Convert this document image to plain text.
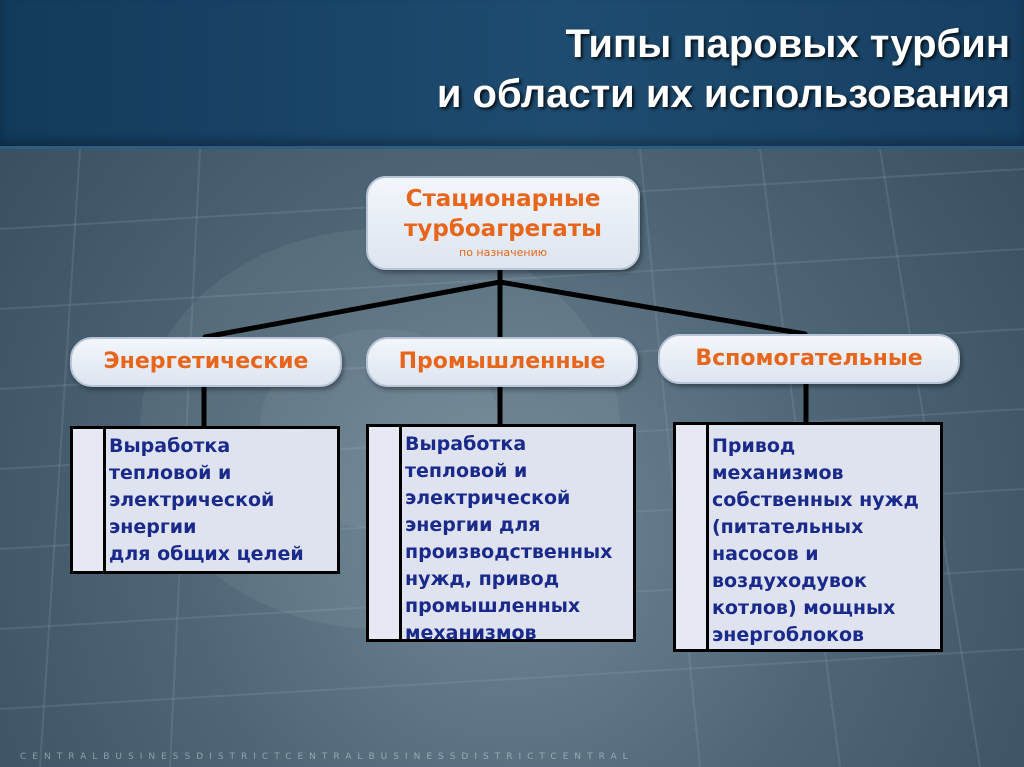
Типы паровых турбин
и области их использования
Стационарные
турбоагрегаты
по назначению
Энергетические	Промышленные	Вспомогательные
Выработка
тепловой и
электрической
энергии
для общих целей
Выработка
тепловой и
электрической
энергии для
производственных
нужд, привод
промышленных
механизмов
Привод
механизмов
собственных нужд
(питательных
насосов и
воздуходувок
котлов) мощных
энергоблоков
CENTRALBUSINESSDISTRICTCENTRALBUSINESSDISTRICTCENTRAL
